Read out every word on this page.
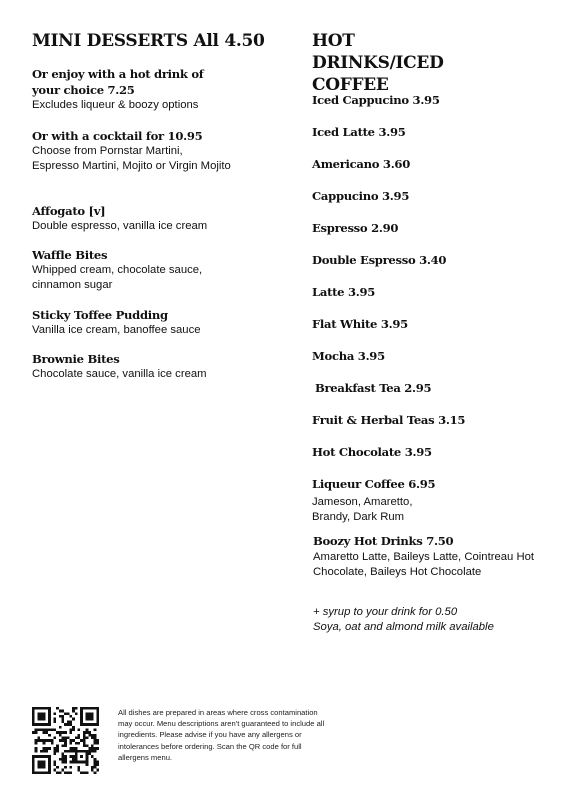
MINI DESSERTS All 4.50

Or enjoy with a hot drink of your choice 7.25

Excludes liqueur & boozy options

Or with a cocktail for 10.95

Choose from Pornstar Martini, Espresso Martini, Mojito or Virgin Mojito

Affogato [v]

Double espresso, vanilla ice cream

Waffle Bites

Whipped cream, chocolate sauce, cinnamon sugar

Sticky Toffee Pudding

Vanilla ice cream, banoffee sauce

Brownie Bites

Chocolate sauce, vanilla ice cream

HOT DRINKS/ICED COFFEE

Iced Cappucino 3.95

Iced Latte 3.95

Americano 3.60

Cappucino 3.95

Espresso 2.90

Double Espresso 3.40

Latte 3.95

Flat White 3.95

Mocha 3.95

Breakfast Tea 2.95

Fruit & Herbal Teas 3.15

Hot Chocolate 3.95

Liqueur Coffee 6.95

Jameson, Amaretto, Brandy, Dark Rum

Boozy Hot Drinks 7.50

Amaretto Latte, Baileys Latte, Cointreau Hot Chocolate, Baileys Hot Chocolate

+ syrup to your drink for 0.50

Soya, oat and almond milk available

All dishes are prepared in areas where cross contamination may occur. Menu descriptions aren't guaranteed to include all ingredients. Please advise if you have any allergens or intolerances before ordering. Scan the QR code for full allergens menu.
